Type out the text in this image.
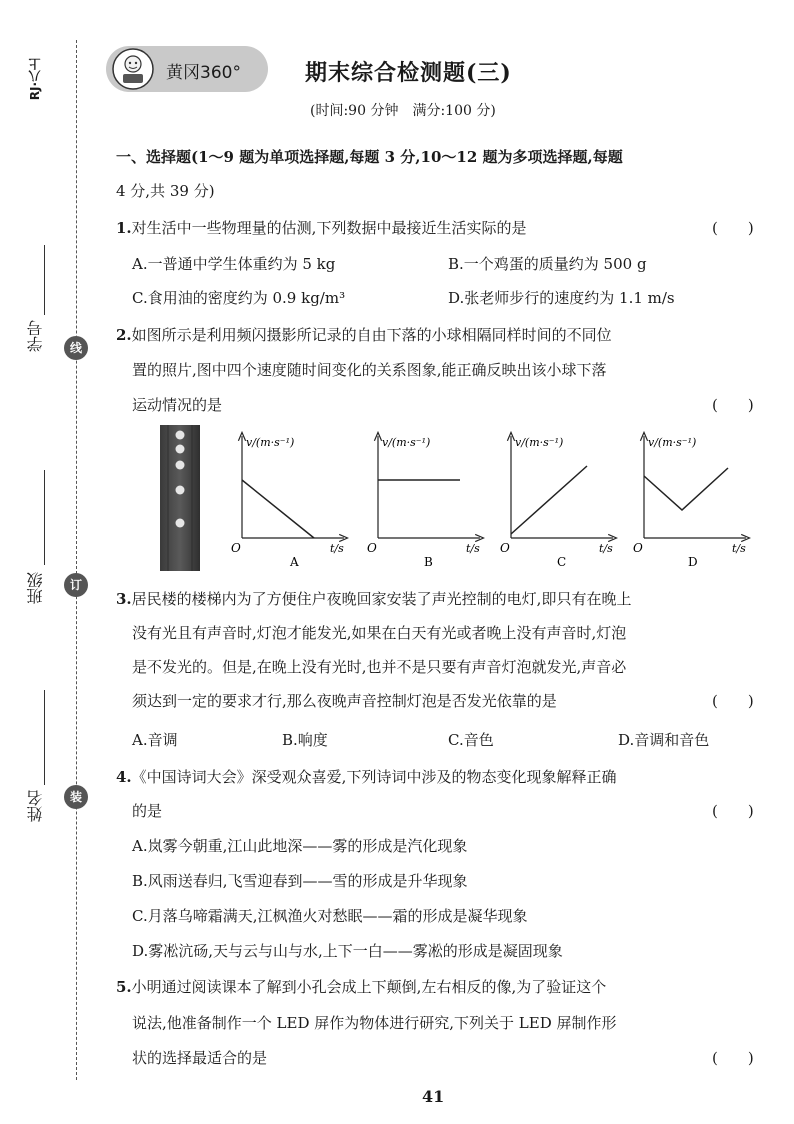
RJ·八上
学号
班级
姓名
线
订
装
黄冈360°	期末综合检测题(三)
(时间:90 分钟　满分:100 分)
一、选择题(1～9 题为单项选择题,每题 3 分,10～12 题为多项选择题,每题
4 分,共 39 分)
1.对生活中一些物理量的估测,下列数据中最接近生活实际的是	(　　)
A.一普通中学生体重约为 5 kg	B.一个鸡蛋的质量约为 500 g
C.食用油的密度约为 0.9 kg/m³	D.张老师步行的速度约为 1.1 m/s
2.如图所示是利用频闪摄影所记录的自由下落的小球相隔同样时间的不同位
置的照片,图中四个速度随时间变化的关系图象,能正确反映出该小球下落
运动情况的是	(　　)
v/(m·s⁻¹)
O	t/s
A
v/(m·s⁻¹)
O	t/s
B
v/(m·s⁻¹)
O	t/s
C
v/(m·s⁻¹)
O	t/s
D
3.居民楼的楼梯内为了方便住户夜晚回家安装了声光控制的电灯,即只有在晚上
没有光且有声音时,灯泡才能发光,如果在白天有光或者晚上没有声音时,灯泡
是不发光的。但是,在晚上没有光时,也并不是只要有声音灯泡就发光,声音必
须达到一定的要求才行,那么夜晚声音控制灯泡是否发光依靠的是	(　　)
A.音调	B.响度	C.音色	D.音调和音色
4.《中国诗词大会》深受观众喜爱,下列诗词中涉及的物态变化现象解释正确
的是	(　　)
A.岚雾今朝重,江山此地深——雾的形成是汽化现象
B.风雨送春归,飞雪迎春到——雪的形成是升华现象
C.月落乌啼霜满天,江枫渔火对愁眠——霜的形成是凝华现象
D.雾凇沆砀,天与云与山与水,上下一白——雾凇的形成是凝固现象
5.小明通过阅读课本了解到小孔会成上下颠倒,左右相反的像,为了验证这个
说法,他准备制作一个 LED 屏作为物体进行研究,下列关于 LED 屏制作形
状的选择最适合的是	(　　)
41
